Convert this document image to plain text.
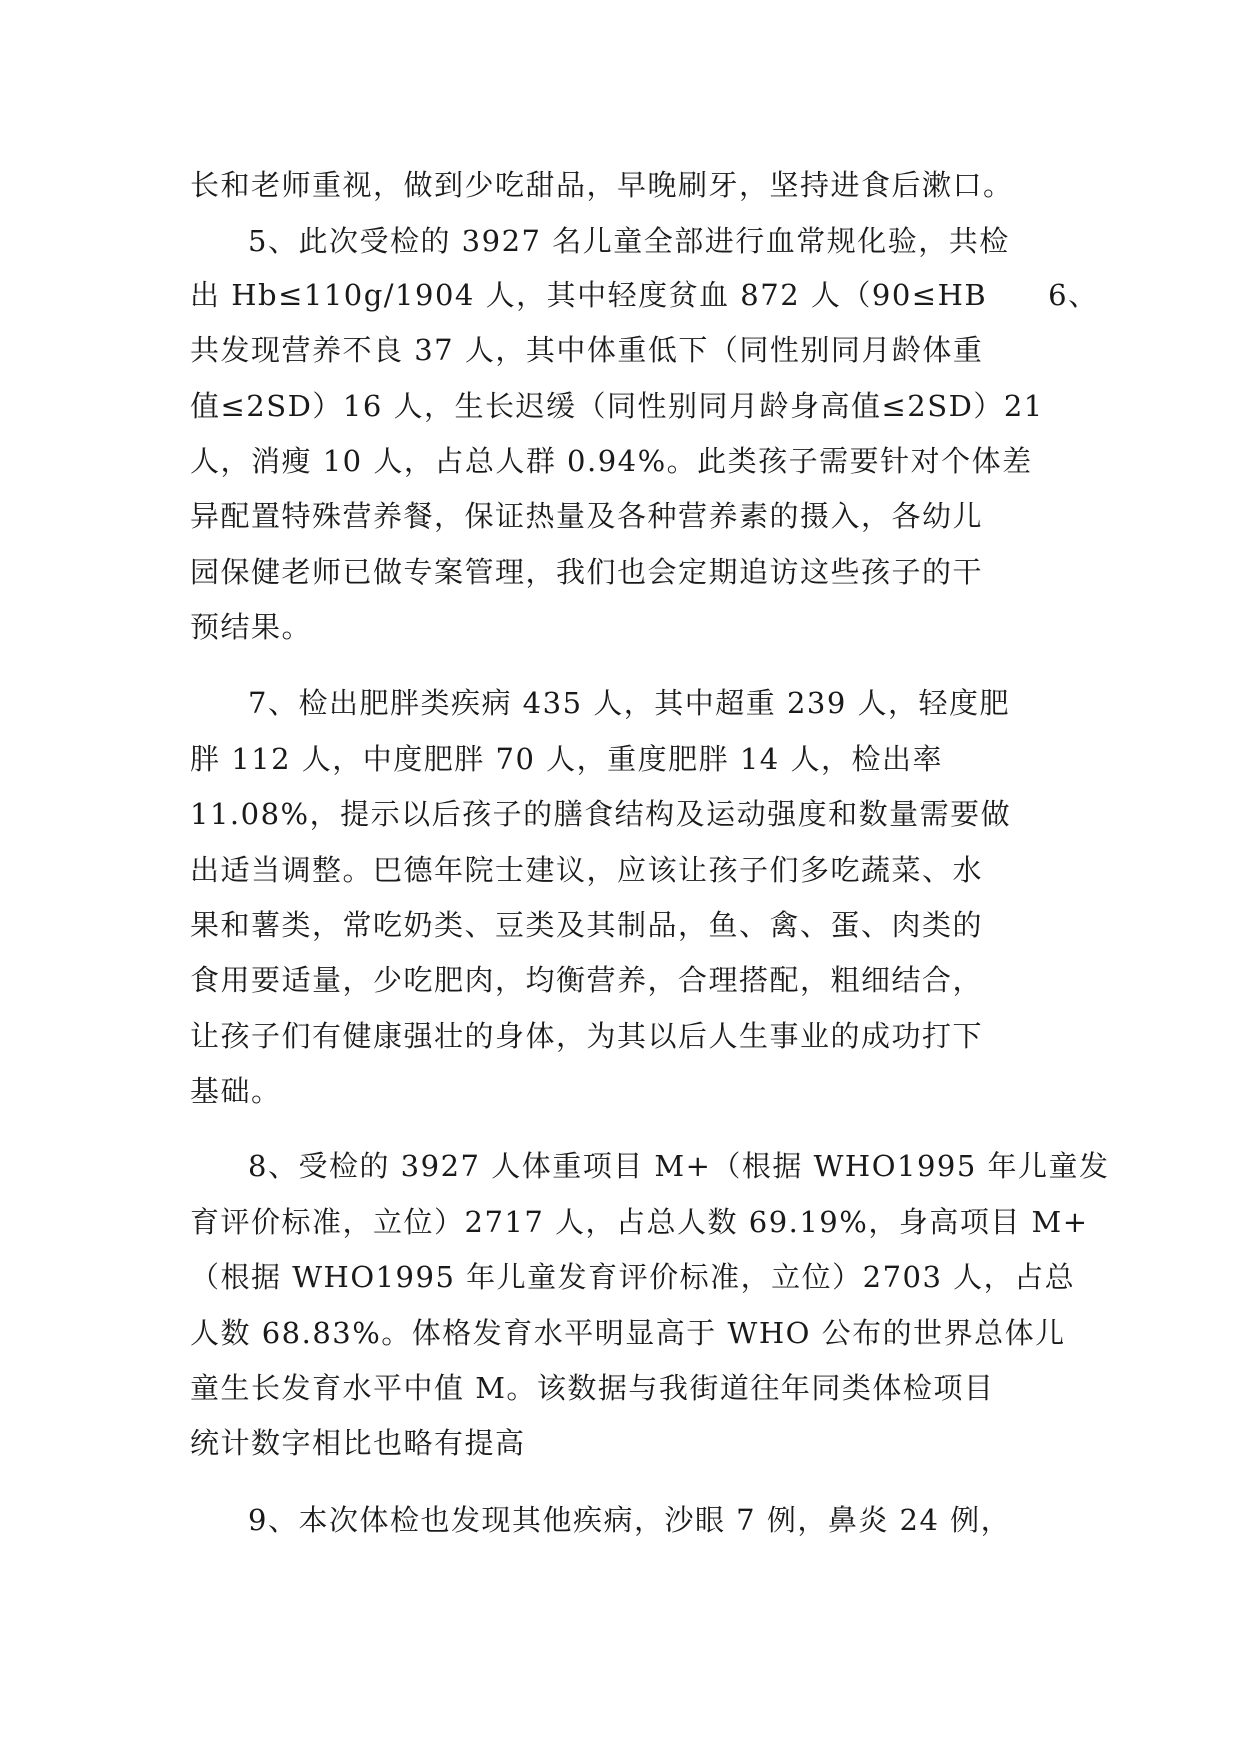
长和老师重视，做到少吃甜品，早晚刷牙，坚持进食后漱口。
5、此次受检的 3927 名儿童全部进行血常规化验，共检
出 Hb≤110g/1904 人，其中轻度贫血 872 人（90≤HB　　6、
共发现营养不良 37 人，其中体重低下（同性别同月龄体重
值≤2SD）16 人，生长迟缓（同性别同月龄身高值≤2SD）21
人，消瘦 10 人，占总人群 0.94%。此类孩子需要针对个体差
异配置特殊营养餐，保证热量及各种营养素的摄入，各幼儿
园保健老师已做专案管理，我们也会定期追访这些孩子的干
预结果。
7、检出肥胖类疾病 435 人，其中超重 239 人，轻度肥
胖 112 人，中度肥胖 70 人，重度肥胖 14 人，检出率
11.08%，提示以后孩子的膳食结构及运动强度和数量需要做
出适当调整。巴德年院士建议，应该让孩子们多吃蔬菜、水
果和薯类，常吃奶类、豆类及其制品，鱼、禽、蛋、肉类的
食用要适量，少吃肥肉，均衡营养，合理搭配，粗细结合，
让孩子们有健康强壮的身体，为其以后人生事业的成功打下
基础。
8、受检的 3927 人体重项目 M+（根据 WHO1995 年儿童发
育评价标准，立位）2717 人，占总人数 69.19%，身高项目 M+
（根据 WHO1995 年儿童发育评价标准，立位）2703 人，占总
人数 68.83%。体格发育水平明显高于 WHO 公布的世界总体儿
童生长发育水平中值 M。该数据与我街道往年同类体检项目
统计数字相比也略有提高
9、本次体检也发现其他疾病，沙眼 7 例，鼻炎 24 例，
